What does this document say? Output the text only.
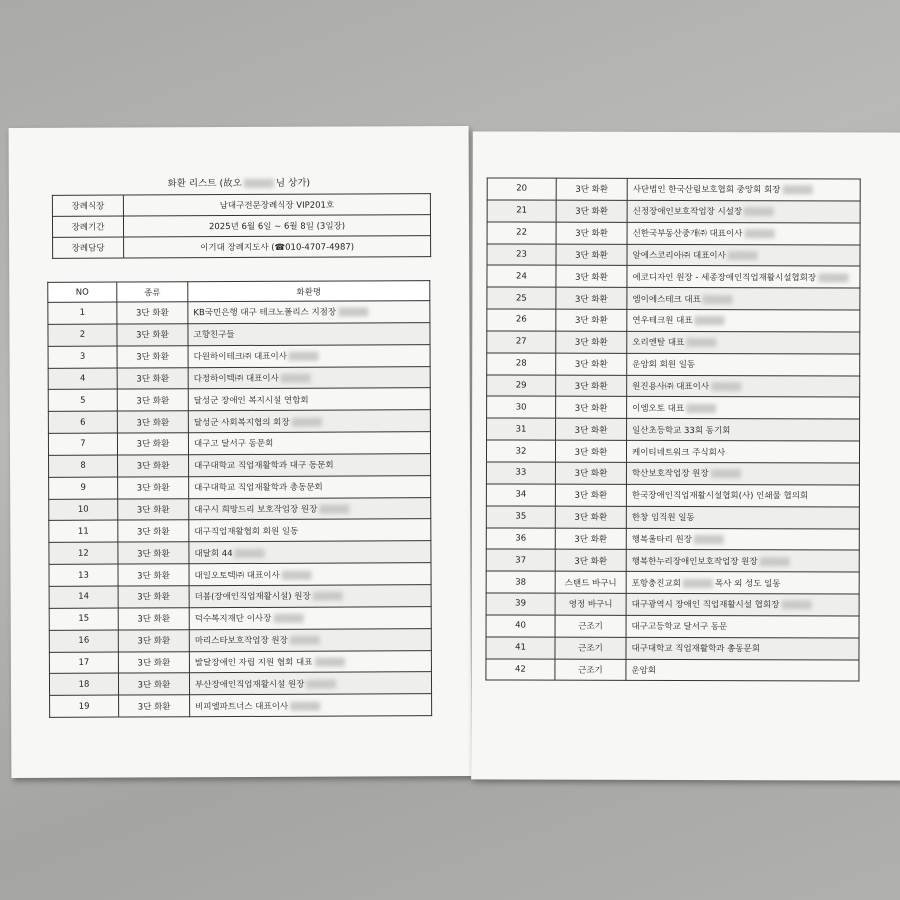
화환 리스트 (故오	님 상가)
장례식장	남대구전문장례식장 VIP201호
장례기간	2025년 6월 6일 ~ 6월 8일 (3일장)
장례담당	이기대 장례지도사 (☎010-4707-4987)
NO	종류	화환명
1	3단 화환	KB국민은행 대구 테크노폴리스 지점장
2	3단 화환	고향친구들
3	3단 화환	다원하이테크㈜ 대표이사
4	3단 화환	다정하이텍㈜ 대표이사
5	3단 화환	달성군 장애인 복지시설 연합회
6	3단 화환	달성군 사회복지협의 회장
7	3단 화환	대구고 달서구 동문회
8	3단 화환	대구대학교 직업재활학과 대구 동문회
9	3단 화환	대구대학교 직업재활학과 총동문회
10	3단 화환	대구시 희망드리 보호작업장 원장
11	3단 화환	대구직업재활협회 회원 일동
12	3단 화환	대달회 44
13	3단 화환	대일오토텍㈜ 대표이사
14	3단 화환	더봄(장애인직업재활시설) 원장
15	3단 화환	덕수복지재단 이사장
16	3단 화환	마리스타보호작업장 원장
17	3단 화환	발달장애인 자립 지원 협회 대표
18	3단 화환	부산장애인직업재활시설 원장
19	3단 화환	비피엘파트너스 대표이사
20	3단 화환	사단법인 한국산림보호협회 중앙회 회장
21	3단 화환	신정장애인보호작업장 시설장
22	3단 화환	신한국부동산중개㈜ 대표이사
23	3단 화환	알에스코리아㈜ 대표이사
24	3단 화환	에코디자인 원장 - 세종장애인직업재활시설협회장
25	3단 화환	엠이에스테크 대표
26	3단 화환	연우테크원 대표
27	3단 화환	오리엔탈 대표
28	3단 화환	운암회 회원 일동
29	3단 화환	원진용사㈜ 대표이사
30	3단 화환	이엠오토 대표
31	3단 화환	일산초등학교 33회 동기회
32	3단 화환	케이티네트워크 주식회사
33	3단 화환	학산보호작업장 원장
34	3단 화환	한국장애인직업재활시설협회(사) 인쇄물 협의회
35	3단 화환	한창 임직원 일동
36	3단 화환	행복울타리 원장
37	3단 화환	행복한누리장애인보호작업장 원장
38	스탠드 바구니	포항충진교회 목사 외 성도 일동
39	영정 바구니	대구광역시 장애인 직업재활시설 협회장
40	근조기	대구고등학교 달서구 동문
41	근조기	대구대학교 직업재활학과 총동문회
42	근조기	운암회
